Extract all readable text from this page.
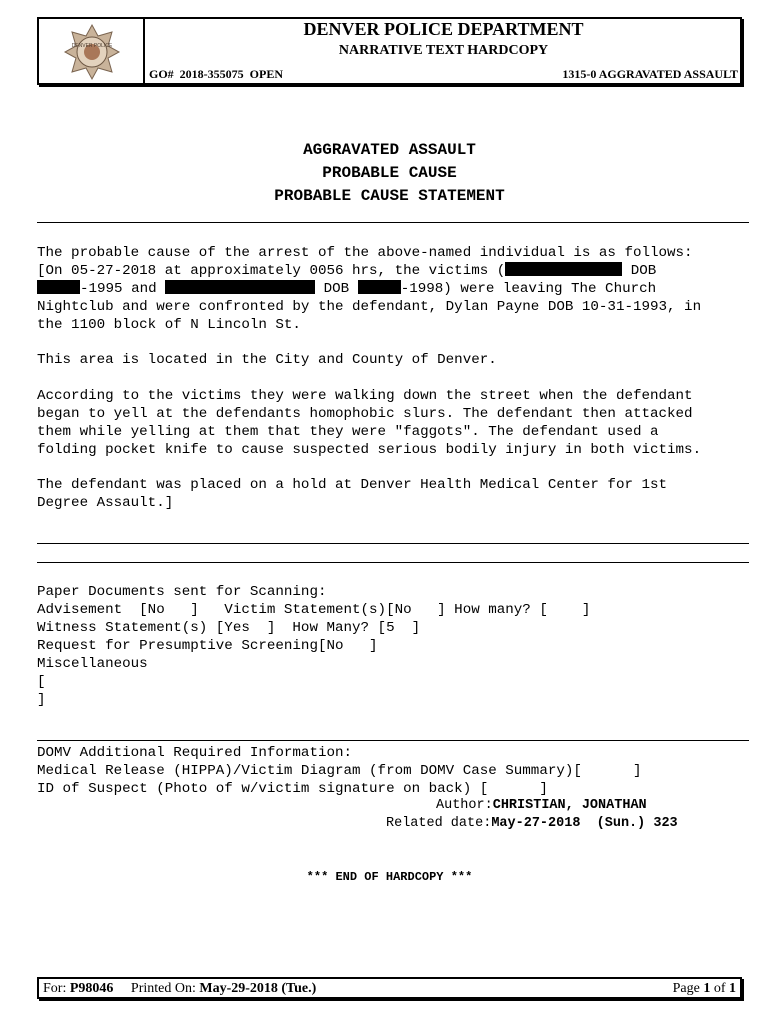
DENVER POLICE
DENVER POLICE DEPARTMENT
NARRATIVE TEXT HARDCOPY
GO# 2018-355075 OPEN	1315-0 AGGRAVATED ASSAULT
AGGRAVATED ASSAULT
PROBABLE CAUSE
PROBABLE CAUSE STATEMENT
The probable cause of the arrest of the above-named individual is as follows:
[On 05-27-2018 at approximately 0056 hrs, the victims (	DOB
-1995 and	DOB	-1998) were leaving The Church
Nightclub and were confronted by the defendant, Dylan Payne DOB 10-31-1993, in
the 1100 block of N Lincoln St.
This area is located in the City and County of Denver.
According to the victims they were walking down the street when the defendant
began to yell at the defendants homophobic slurs. The defendant then attacked
them while yelling at them that they were "faggots". The defendant used a
folding pocket knife to cause suspected serious bodily injury in both victims.
The defendant was placed on a hold at Denver Health Medical Center for 1st
Degree Assault.]
Paper Documents sent for Scanning:
Advisement  [No   ]   Victim Statement(s)[No   ] How many? [    ]
Witness Statement(s) [Yes  ]  How Many? [5  ]
Request for Presumptive Screening[No   ]
Miscellaneous
[
]
DOMV Additional Required Information:
Medical Release (HIPPA)/Victim Diagram (from DOMV Case Summary)[      ]
ID of Suspect (Photo of w/victim signature on back) [      ]
Author:CHRISTIAN, JONATHAN
Related date:May-27-2018  (Sun.) 323
*** END OF HARDCOPY ***
For: P98046 Printed On: May-29-2018 (Tue.)	Page 1 of 1
